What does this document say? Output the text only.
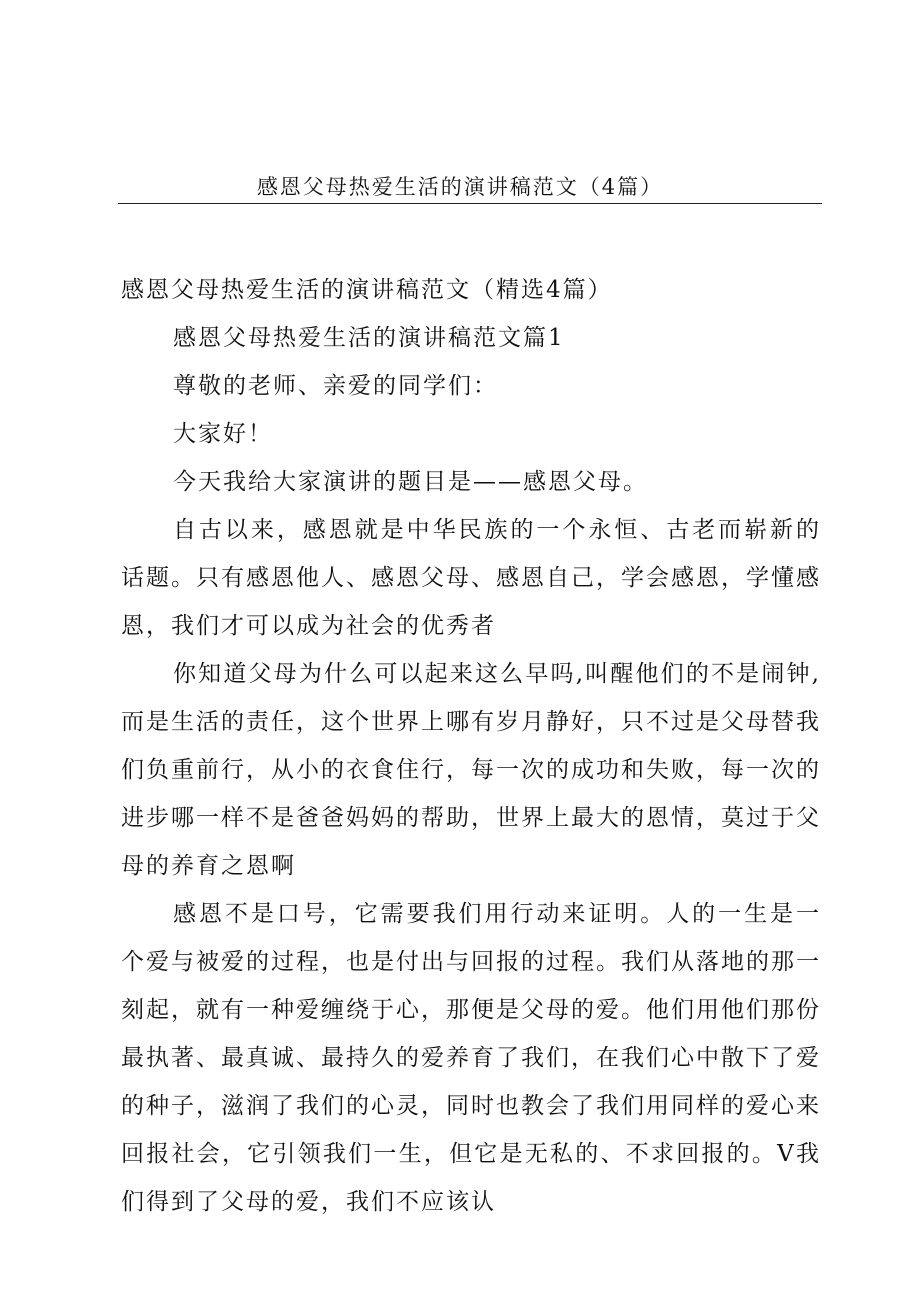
感恩父母热爱生活的演讲稿范文（4篇）

感恩父母热爱生活的演讲稿范文（精选4篇）

感恩父母热爱生活的演讲稿范文篇1

尊敬的老师、亲爱的同学们：

大家好！

今天我给大家演讲的题目是——感恩父母。

自古以来，感恩就是中华民族的一个永恒、古老而崭新的话题。只有感恩他人、感恩父母、感恩自己，学会感恩，学懂感恩，我们才可以成为社会的优秀者

你知道父母为什么可以起来这么早吗,叫醒他们的不是闹钟,而是生活的责任，这个世界上哪有岁月静好，只不过是父母替我们负重前行，从小的衣食住行，每一次的成功和失败，每一次的进步哪一样不是爸爸妈妈的帮助，世界上最大的恩情，莫过于父母的养育之恩啊

感恩不是口号，它需要我们用行动来证明。人的一生是一个爱与被爱的过程，也是付出与回报的过程。我们从落地的那一刻起，就有一种爱缠绕于心，那便是父母的爱。他们用他们那份最执著、最真诚、最持久的爱养育了我们，在我们心中散下了爱的种子，滋润了我们的心灵，同时也教会了我们用同样的爱心来回报社会，它引领我们一生，但它是无私的、不求回报的。V我们得到了父母的爱，我们不应该认
